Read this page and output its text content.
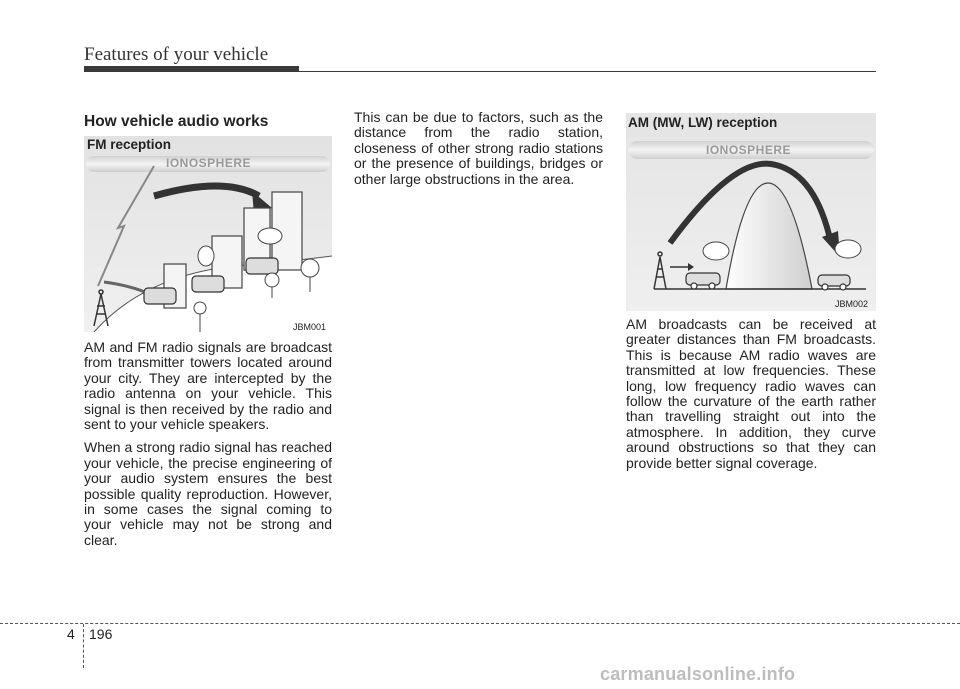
Features of your vehicle
How vehicle audio works
FM reception
IONOSPHERE
JBM001

AM and FM radio signals are broadcast from transmitter towers located around your city. They are intercepted by the radio antenna on your vehicle. This signal is then received by the radio and sent to your vehicle speakers.

When a strong radio signal has reached your vehicle, the precise engineering of your audio system ensures the best possible quality reproduction. However, in some cases the signal coming to your vehicle may not be strong and clear.

This can be due to factors, such as the distance from the radio station, closeness of other strong radio stations or the presence of buildings, bridges or other large obstructions in the area.

AM (MW, LW) reception
IONOSPHERE
JBM002

AM broadcasts can be received at greater distances than FM broadcasts. This is because AM radio waves are transmitted at low frequencies. These long, low frequency radio waves can follow the curvature of the earth rather than travelling straight out into the atmosphere. In addition, they curve around obstructions so that they can provide better signal coverage.

4 196
carmanualsonline.info
